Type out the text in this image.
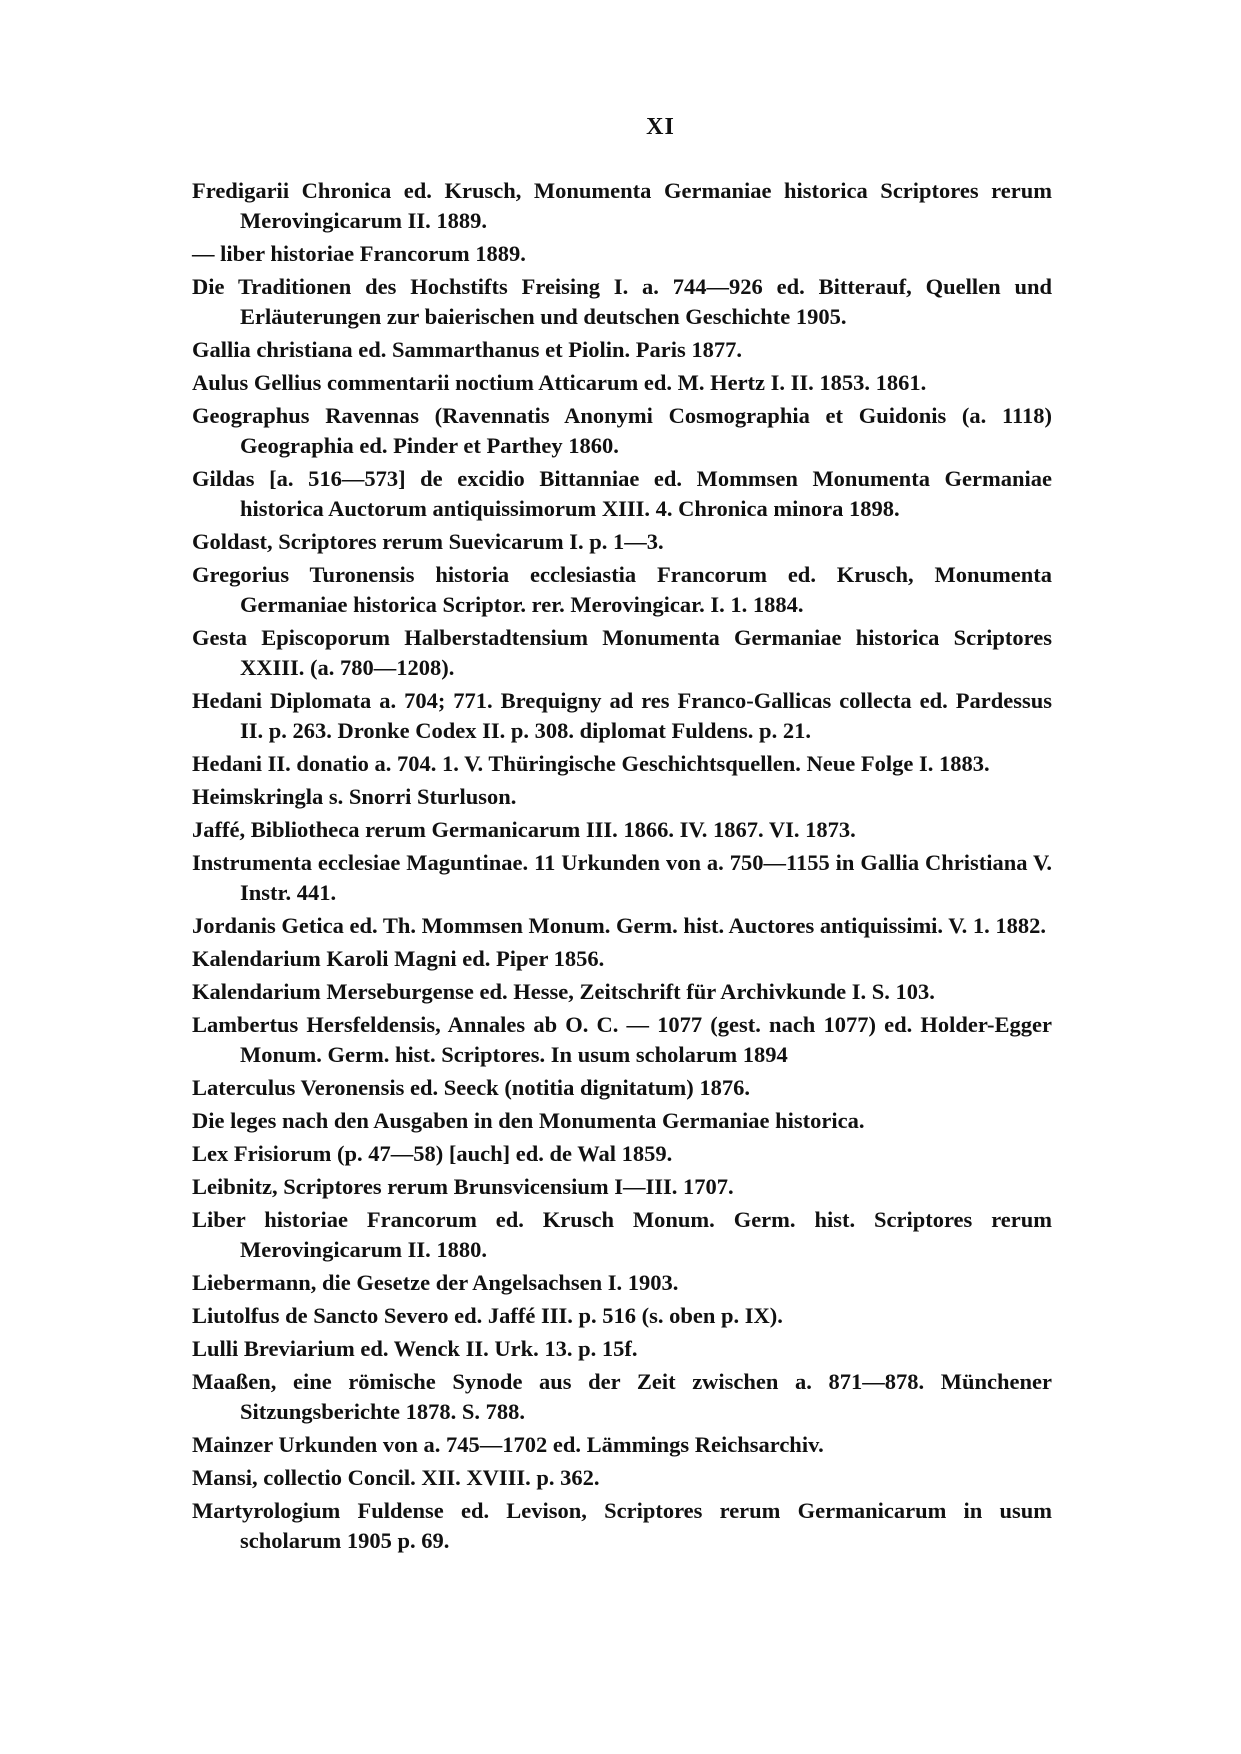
XI

Fredigarii Chronica ed. Krusch, Monumenta Germaniae historica Scriptores rerum Merovingicarum II. 1889.

— liber historiae Francorum 1889.

Die Traditionen des Hochstifts Freising I. a. 744—926 ed. Bitterauf, Quellen und Erläuterungen zur baierischen und deutschen Geschichte 1905.

Gallia christiana ed. Sammarthanus et Piolin. Paris 1877.

Aulus Gellius commentarii noctium Atticarum ed. M. Hertz I. II. 1853. 1861.

Geographus Ravennas (Ravennatis Anonymi Cosmographia et Guidonis (a. 1118) Geographia ed. Pinder et Parthey 1860.

Gildas [a. 516—573] de excidio Bittanniae ed. Mommsen Monumenta Germaniae historica Auctorum antiquissimorum XIII. 4. Chronica minora 1898.

Goldast, Scriptores rerum Suevicarum I. p. 1—3.

Gregorius Turonensis historia ecclesiastia Francorum ed. Krusch, Monumenta Germaniae historica Scriptor. rer. Merovingicar. I. 1. 1884.

Gesta Episcoporum Halberstadtensium Monumenta Germaniae historica Scriptores XXIII. (a. 780—1208).

Hedani Diplomata a. 704; 771. Brequigny ad res Franco-Gallicas collecta ed. Pardessus II. p. 263. Dronke Codex II. p. 308. diplomat Fuldens. p. 21.

Hedani II. donatio a. 704. 1. V. Thüringische Geschichtsquellen. Neue Folge I. 1883.

Heimskringla s. Snorri Sturluson.

Jaffé, Bibliotheca rerum Germanicarum III. 1866. IV. 1867. VI. 1873.

Instrumenta ecclesiae Maguntinae. 11 Urkunden von a. 750—1155 in Gallia Christiana V. Instr. 441.

Jordanis Getica ed. Th. Mommsen Monum. Germ. hist. Auctores antiquissimi. V. 1. 1882.

Kalendarium Karoli Magni ed. Piper 1856.

Kalendarium Merseburgense ed. Hesse, Zeitschrift für Archivkunde I. S. 103.

Lambertus Hersfeldensis, Annales ab O. C. — 1077 (gest. nach 1077) ed. Holder-Egger Monum. Germ. hist. Scriptores. In usum scholarum 1894

Laterculus Veronensis ed. Seeck (notitia dignitatum) 1876.

Die leges nach den Ausgaben in den Monumenta Germaniae historica.

Lex Frisiorum (p. 47—58) [auch] ed. de Wal 1859.

Leibnitz, Scriptores rerum Brunsvicensium I—III. 1707.

Liber historiae Francorum ed. Krusch Monum. Germ. hist. Scriptores rerum Merovingicarum II. 1880.

Liebermann, die Gesetze der Angelsachsen I. 1903.

Liutolfus de Sancto Severo ed. Jaffé III. p. 516 (s. oben p. IX).

Lulli Breviarium ed. Wenck II. Urk. 13. p. 15f.

Maaßen, eine römische Synode aus der Zeit zwischen a. 871—878. Münchener Sitzungsberichte 1878. S. 788.

Mainzer Urkunden von a. 745—1702 ed. Lämmings Reichsarchiv.

Mansi, collectio Concil. XII. XVIII. p. 362.

Martyrologium Fuldense ed. Levison, Scriptores rerum Germanicarum in usum scholarum 1905 p. 69.
